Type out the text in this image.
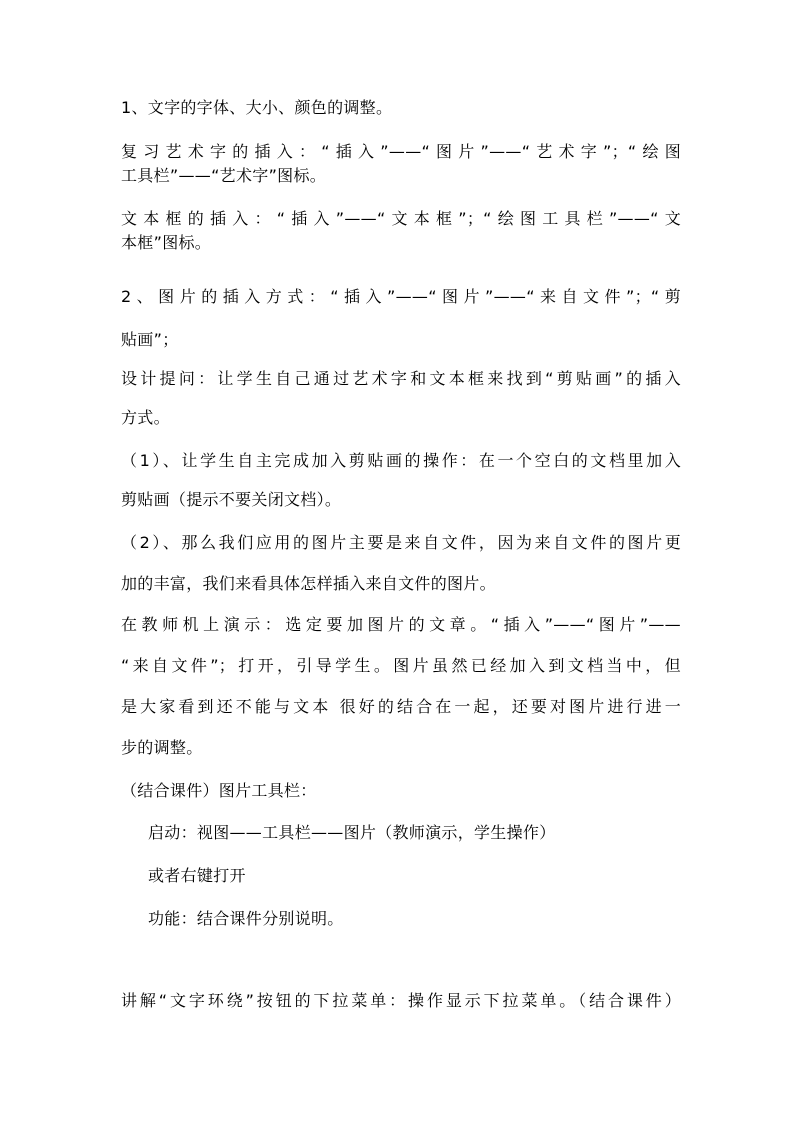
1、文字的字体、大小、颜色的调整。
复习艺术字的插入：“插入”——“图片”——“艺术字”；“绘图
工具栏”——“艺术字”图标。
文本框的插入：“插入”——“文本框”；“绘图工具栏”——“文
本框”图标。
2、图片的插入方式：“插入”——“图片”——“来自文件”；“剪
贴画”；
设计提问：让学生自己通过艺术字和文本框来找到“剪贴画”的插入
方式。
（1）、让学生自主完成加入剪贴画的操作：在一个空白的文档里加入
剪贴画（提示不要关闭文档）。
（2）、那么我们应用的图片主要是来自文件，因为来自文件的图片更
加的丰富，我们来看具体怎样插入来自文件的图片。
在教师机上演示：选定要加图片的文章。“插入”——“图片”——
“来自文件”；打开，引导学生。图片虽然已经加入到文档当中，但
是大家看到还不能与文本 很好的结合在一起，还要对图片进行进一
步的调整。
（结合课件）图片工具栏：
启动：视图——工具栏——图片（教师演示，学生操作）
或者右键打开
功能：结合课件分别说明。
讲解“文字环绕”按钮的下拉菜单：操作显示下拉菜单。（结合课件）
